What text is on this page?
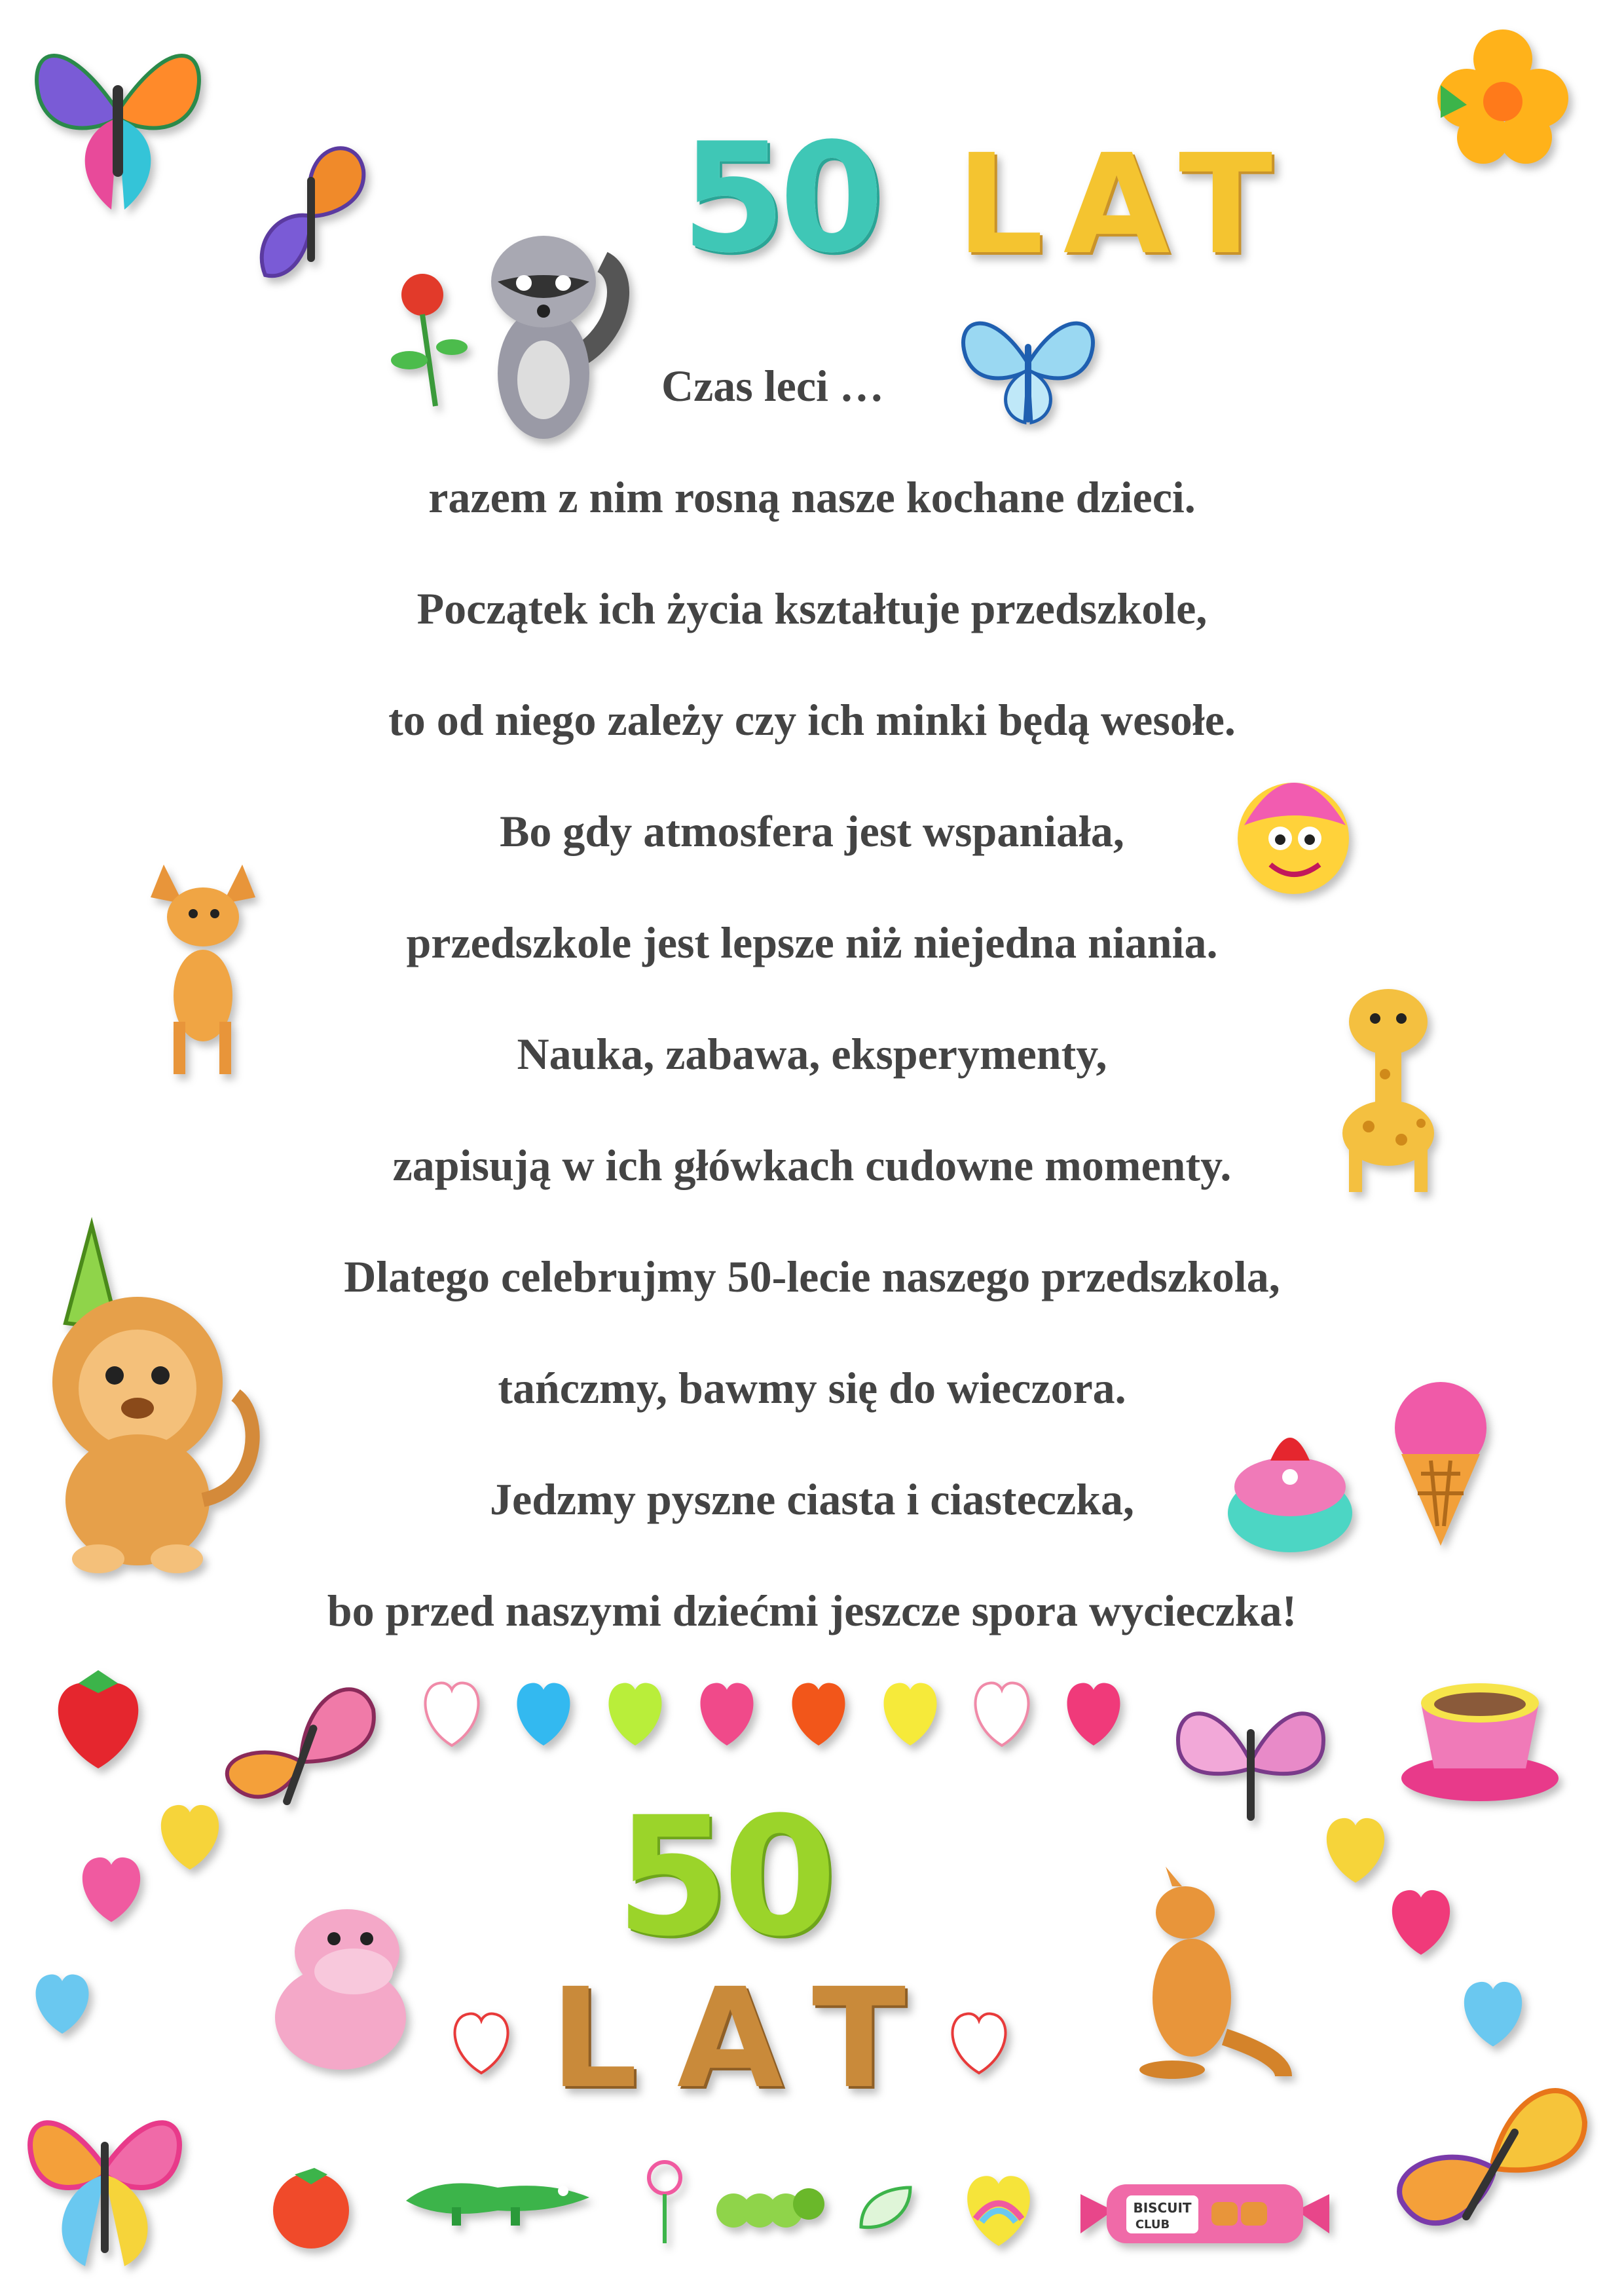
50 LAT
Czas leci …
razem z nim rosną nasze kochane dzieci.
Początek ich życia kształtuje przedszkole,
to od niego zależy czy ich minki będą wesołe.
Bo gdy atmosfera jest wspaniała,
przedszkole jest lepsze niż niejedna niania.
Nauka, zabawa, eksperymenty,
zapisują w ich główkach cudowne momenty.
Dlatego celebrujmy 50-lecie naszego przedszkola,
tańczmy, bawmy się do wieczora.
Jedzmy pyszne ciasta i ciasteczka,
bo przed naszymi dziećmi jeszcze spora wycieczka!
50
LAT
BISCUIT
CLUB
